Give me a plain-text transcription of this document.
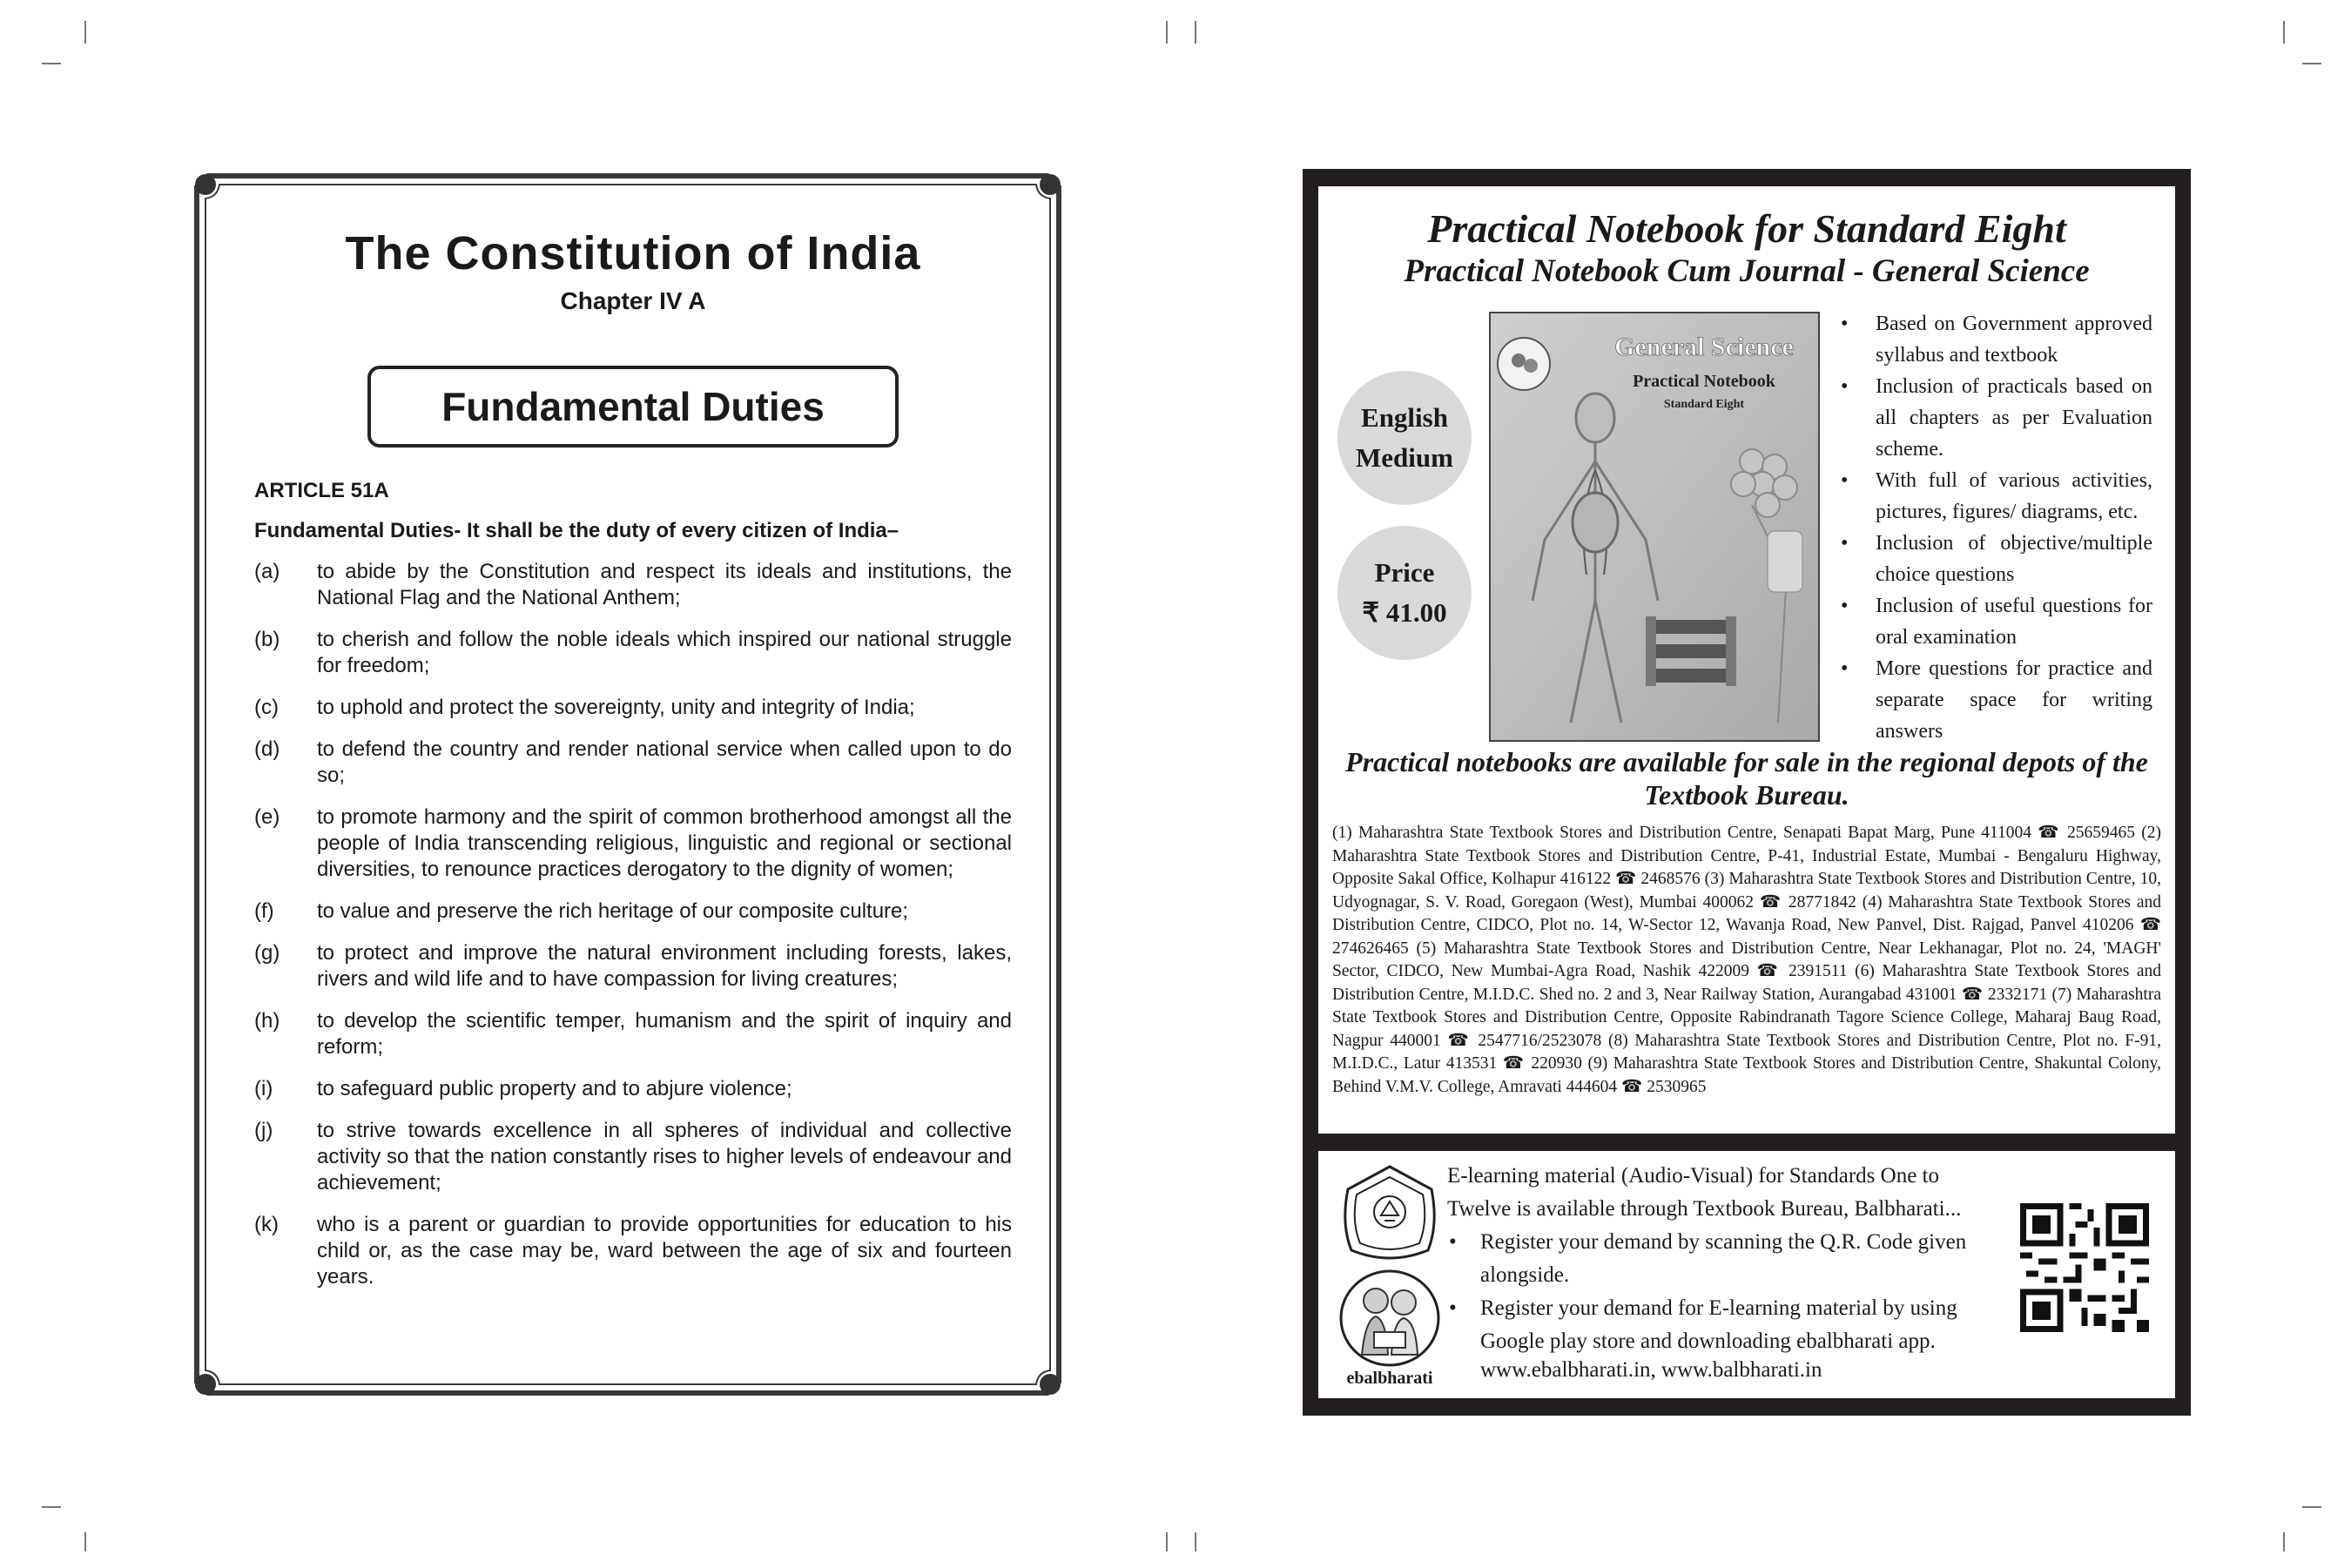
The Constitution of India
Chapter IV A
Fundamental Duties
ARTICLE 51A
Fundamental Duties- It shall be the duty of every citizen of India–
(a)	to abide by the Constitution and respect its ideals and institutions, the National Flag and the National Anthem;
(b)	to cherish and follow the noble ideals which inspired our national struggle for freedom;
(c)	to uphold and protect the sovereignty, unity and integrity of India;
(d)	to defend the country and render national service when called upon to do so;
(e)	to promote harmony and the spirit of common brotherhood amongst all the people of India transcending religious, linguistic and regional or sectional diversities, to renounce practices derogatory to the dignity of women;
(f)	to value and preserve the rich heritage of our composite culture;
(g)	to protect and improve the natural environment including forests, lakes, rivers and wild life and to have compassion for living creatures;
(h)	to develop the scientific temper, humanism and the spirit of inquiry and reform;
(i)	to safeguard public property and to abjure violence;
(j)	to strive towards excellence in all spheres of individual and collective activity so that the nation constantly rises to higher levels of endeavour and achievement;
(k)	who is a parent or guardian to provide opportunities for education to his child or, as the case may be, ward between the age of six and fourteen years.
Practical Notebook for Standard Eight
Practical Notebook Cum Journal - General Science
English
Medium
Price
₹ 41.00
General Science
Practical Notebook
Standard Eight
• Based on Government approved syllabus and textbook
• Inclusion of practicals based on all chapters as per Evaluation scheme.
• With full of various activities, pictures, figures/ diagrams, etc.
• Inclusion of objective/multiple choice questions
• Inclusion of useful questions for oral examination
• More questions for practice and separate space for writing answers
Practical notebooks are available for sale in the regional depots of the Textbook Bureau.
(1) Maharashtra State Textbook Stores and Distribution Centre, Senapati Bapat Marg, Pune 411004 ☎ 25659465 (2) Maharashtra State Textbook Stores and Distribution Centre, P-41, Industrial Estate, Mumbai - Bengaluru Highway, Opposite Sakal Office, Kolhapur 416122 ☎ 2468576 (3) Maharashtra State Textbook Stores and Distribution Centre, 10, Udyognagar, S. V. Road, Goregaon (West), Mumbai 400062 ☎ 28771842 (4) Maharashtra State Textbook Stores and Distribution Centre, CIDCO, Plot no. 14, W-Sector 12, Wavanja Road, New Panvel, Dist. Rajgad, Panvel 410206 ☎ 274626465 (5) Maharashtra State Textbook Stores and Distribution Centre, Near Lekhanagar, Plot no. 24, 'MAGH' Sector, CIDCO, New Mumbai-Agra Road, Nashik 422009 ☎ 2391511 (6) Maharashtra State Textbook Stores and Distribution Centre, M.I.D.C. Shed no. 2 and 3, Near Railway Station, Aurangabad 431001 ☎ 2332171 (7) Maharashtra State Textbook Stores and Distribution Centre, Opposite Rabindranath Tagore Science College, Maharaj Baug Road, Nagpur 440001 ☎ 2547716/2523078 (8) Maharashtra State Textbook Stores and Distribution Centre, Plot no. F-91, M.I.D.C., Latur 413531 ☎ 220930 (9) Maharashtra State Textbook Stores and Distribution Centre, Shakuntal Colony, Behind V.M.V. College, Amravati 444604 ☎ 2530965
ebalbharati
E-learning material (Audio-Visual) for Standards One to Twelve is available through Textbook Bureau, Balbharati...
• Register your demand by scanning the Q.R. Code given alongside.
• Register your demand for E-learning material by using Google play store and downloading ebalbharati app.
www.ebalbharati.in, www.balbharati.in
